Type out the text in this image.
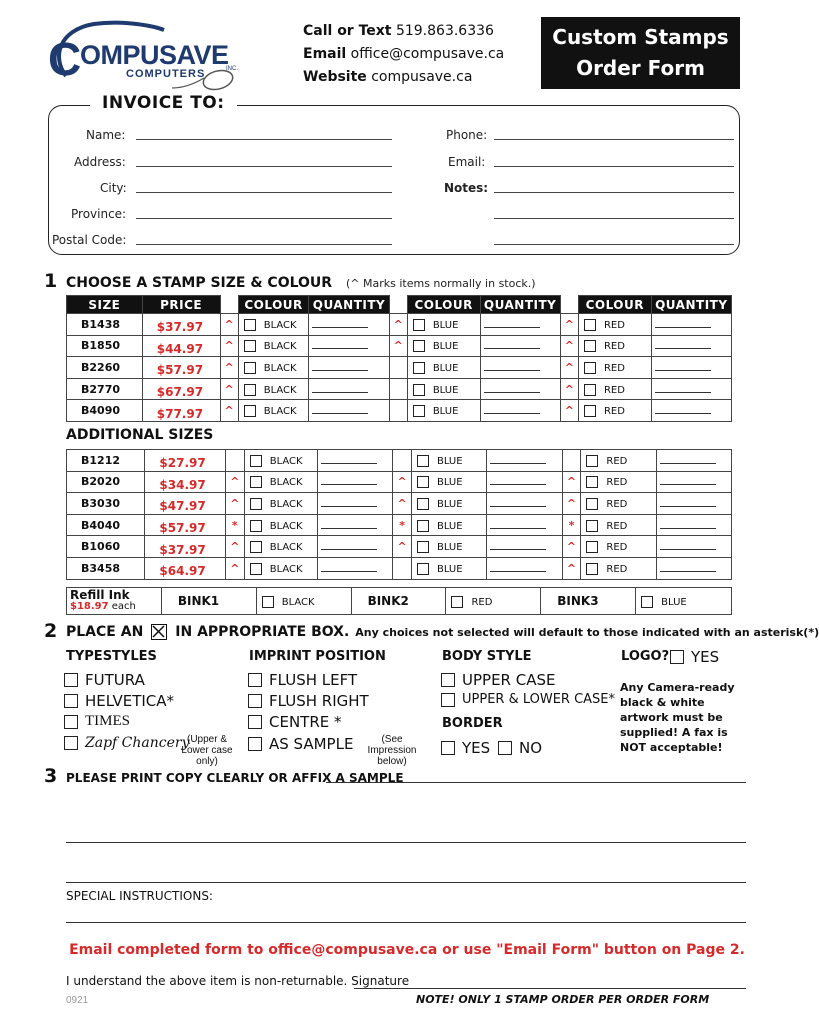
C
OMPUSAVE
COMPUTERS	INC.
Call or Text 519.863.6336
Email office@compusave.ca
Website compusave.ca
Custom Stamps
Order Form
INVOICE TO:
Name:
Address:
City:
Province:
Postal Code:
Phone:
Email:
Notes:
1 CHOOSE A STAMP SIZE & COLOUR (^ Marks items normally in stock.)
SIZE	PRICE		COLOUR	QUANTITY		COLOUR	QUANTITY		COLOUR	QUANTITY
B1438	$37.97	^	BLACK		^	BLUE		^	RED	
B1850	$44.97	^	BLACK		^	BLUE		^	RED	
B2260	$57.97	^	BLACK			BLUE		^	RED	
B2770	$67.97	^	BLACK			BLUE		^	RED	
B4090	$77.97	^	BLACK			BLUE		^	RED	
ADDITIONAL SIZES
B1212	$27.97		BLACK			BLUE			RED	
B2020	$34.97	^	BLACK		^	BLUE		^	RED	
B3030	$47.97	^	BLACK		^	BLUE		^	RED	
B4040	$57.97	*	BLACK		*	BLUE		*	RED	
B1060	$37.97	^	BLACK		^	BLUE		^	RED	
B3458	$64.97	^	BLACK			BLUE		^	RED	
Refill Ink
$18.97 each	BINK1	BLACK	BINK2	RED	BINK3	BLUE
2 PLACE AN IN APPROPRIATE BOX. Any choices not selected will default to those indicated with an asterisk(*)
TYPESTYLES
FUTURA
HELVETICA*
TIMES
Zapf Chancery
(Upper & Lower case only)
IMPRINT POSITION
FLUSH LEFT
FLUSH RIGHT
CENTRE *
AS SAMPLE	(See Impression below)
BODY STYLE
UPPER CASE
UPPER & LOWER CASE*
BORDER
YES NO
LOGO? YES
Any Camera-ready black & white artwork must be supplied! A fax is NOT acceptable!
3 PLEASE PRINT COPY CLEARLY OR AFFIX A SAMPLE
SPECIAL INSTRUCTIONS:
Email completed form to office@compusave.ca or use "Email Form" button on Page 2.
I understand the above item is non-returnable. Signature
0921	NOTE! ONLY 1 STAMP ORDER PER ORDER FORM
